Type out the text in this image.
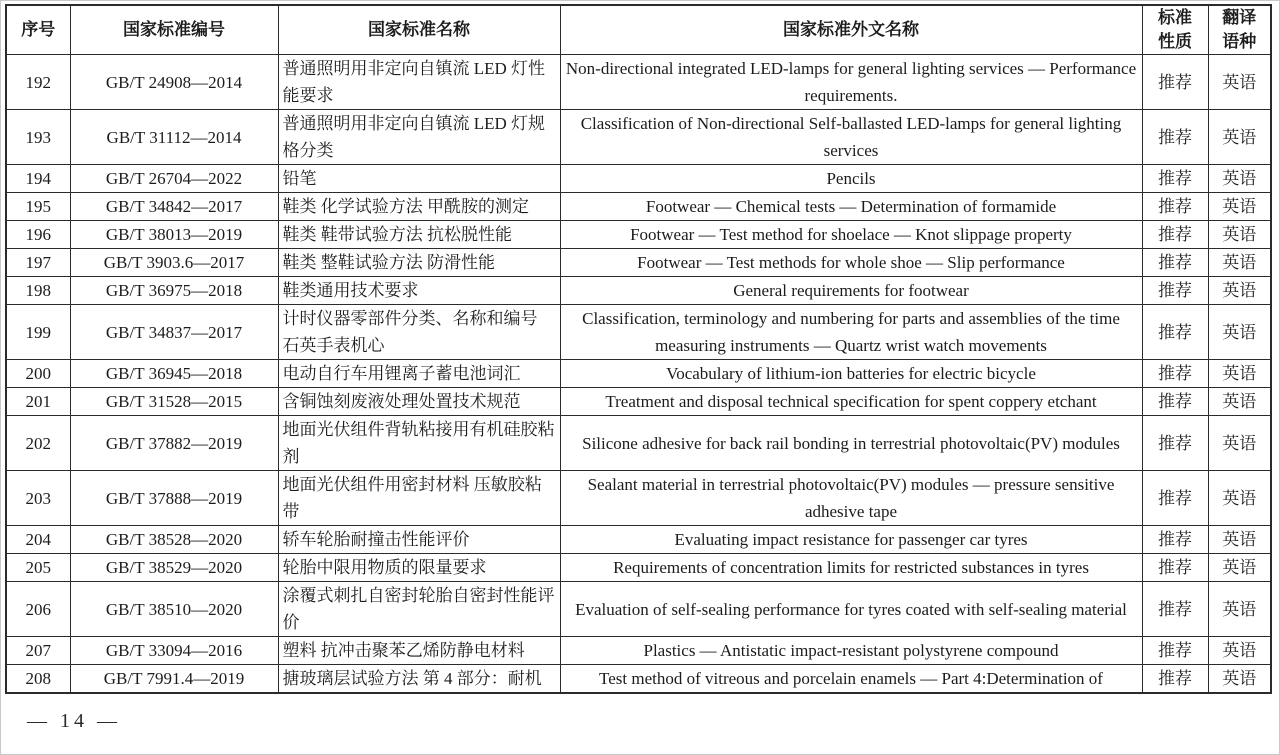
序号	国家标准编号	国家标准名称	国家标准外文名称	标准性质	翻译语种
192	GB/T 24908—2014	普通照明用非定向自镇流 LED 灯性能要求	Non-directional integrated LED-lamps for general lighting services — Performance requirements.	推荐	英语
193	GB/T 31112—2014	普通照明用非定向自镇流 LED 灯规格分类	Classification of Non-directional Self-ballasted LED-lamps for general lighting services	推荐	英语
194	GB/T 26704—2022	铅笔	Pencils	推荐	英语
195	GB/T 34842—2017	鞋类 化学试验方法 甲酰胺的测定	Footwear — Chemical tests — Determination of formamide	推荐	英语
196	GB/T 38013—2019	鞋类 鞋带试验方法 抗松脱性能	Footwear — Test method for shoelace — Knot slippage property	推荐	英语
197	GB/T 3903.6—2017	鞋类 整鞋试验方法 防滑性能	Footwear — Test methods for whole shoe — Slip performance	推荐	英语
198	GB/T 36975—2018	鞋类通用技术要求	General requirements for footwear	推荐	英语
199	GB/T 34837—2017	计时仪器零部件分类、名称和编号 石英手表机心	Classification, terminology and numbering for parts and assemblies of the time measuring instruments — Quartz wrist watch movements	推荐	英语
200	GB/T 36945—2018	电动自行车用锂离子蓄电池词汇	Vocabulary of lithium-ion batteries for electric bicycle	推荐	英语
201	GB/T 31528—2015	含铜蚀刻废液处理处置技术规范	Treatment and disposal technical specification for spent coppery etchant	推荐	英语
202	GB/T 37882—2019	地面光伏组件背轨粘接用有机硅胶粘剂	Silicone adhesive for back rail bonding in terrestrial photovoltaic(PV) modules	推荐	英语
203	GB/T 37888—2019	地面光伏组件用密封材料 压敏胶粘带	Sealant material in terrestrial photovoltaic(PV) modules — pressure sensitive adhesive tape	推荐	英语
204	GB/T 38528—2020	轿车轮胎耐撞击性能评价	Evaluating impact resistance for passenger car tyres	推荐	英语
205	GB/T 38529—2020	轮胎中限用物质的限量要求	Requirements of concentration limits for restricted substances in tyres	推荐	英语
206	GB/T 38510—2020	涂覆式刺扎自密封轮胎自密封性能评价	Evaluation of self-sealing performance for tyres coated with self-sealing material	推荐	英语
207	GB/T 33094—2016	塑料 抗冲击聚苯乙烯防静电材料	Plastics — Antistatic impact-resistant polystyrene compound	推荐	英语
208	GB/T 7991.4—2019	搪玻璃层试验方法 第 4 部分：耐机	Test method of vitreous and porcelain enamels — Part 4:Determination of	推荐	英语
— 14 —
